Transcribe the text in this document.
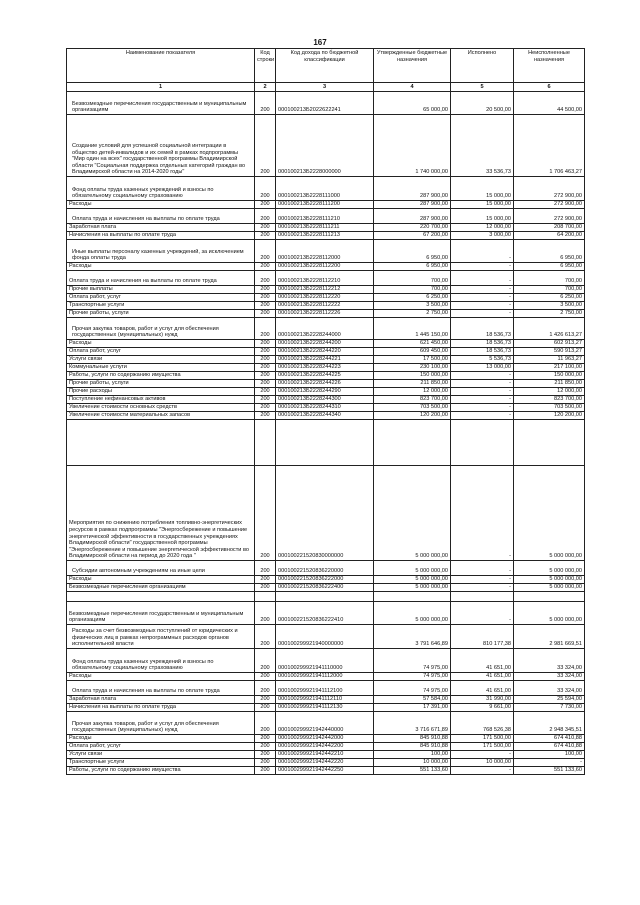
167
Наименование показателя	Код строки	Код дохода по бюджетной классификации	Утвержденные бюджетные назначения	Исполнено	Неисполненные назначения
1	2	3	4	5	6
Безвозмездные перечисления государственным и муниципальным организациям	200	000100213Б2022622241	65 000,00	20 500,00	44 500,00
Создание условий для успешной социальной интеграции в общество детей-инвалидов и их семей в рамках подпрограммы "Мир один на всех" государственной программы Владимирской области "Социальная поддержка отдельных категорий граждан во Владимирской области на 2014-2020 годы"	200	000100213Б2228000000	1 740 000,00	33 536,73	1 706 463,27
Фонд оплаты труда казенных учреждений и взносы по обязательному социальному страхованию	200	000100213Б2228111000	287 900,00	15 000,00	272 900,00
Расходы	200	000100213Б2228111200	287 900,00	15 000,00	272 900,00
Оплата труда и начисления на выплаты по оплате труда	200	000100213Б2228111210	287 900,00	15 000,00	272 900,00
Заработная плата	200	000100213Б2228111211	220 700,00	12 000,00	208 700,00
Начисления на выплаты по оплате труда	200	000100213Б2228111213	67 200,00	3 000,00	64 200,00
Иные выплаты персоналу казенных учреждений, за исключением фонда оплаты труда	200	000100213Б2228112000	6 950,00	-	6 950,00
Расходы	200	000100213Б2228112200	6 950,00	-	6 950,00
Оплата труда и начисления на выплаты по оплате труда	200	000100213Б2228112210	700,00	-	700,00
Прочие выплаты	200	000100213Б2228112212	700,00	-	700,00
Оплата работ, услуг	200	000100213Б2228112220	6 250,00	-	6 250,00
Транспортные услуги	200	000100213Б2228112222	3 500,00	-	3 500,00
Прочие работы, услуги	200	000100213Б2228112226	2 750,00	-	2 750,00
Прочая закупка товаров, работ и услуг для обеспечения государственных (муниципальных) нужд	200	000100213Б2228244000	1 445 150,00	18 536,73	1 426 613,27
Расходы	200	000100213Б2228244200	621 450,00	18 536,73	602 913,27
Оплата работ, услуг	200	000100213Б2228244220	609 450,00	18 536,73	590 913,27
Услуги связи	200	000100213Б2228244221	17 500,00	5 536,73	11 963,27
Коммунальные услуги	200	000100213Б2228244223	230 100,00	13 000,00	217 100,00
Работы, услуги по содержанию имущества	200	000100213Б2228244225	150 000,00	-	150 000,00
Прочие работы, услуги	200	000100213Б2228244226	211 850,00	-	211 850,00
Прочие расходы	200	000100213Б2228244290	12 000,00	-	12 000,00
Поступление нефинансовых активов	200	000100213Б2228244300	823 700,00	-	823 700,00
Увеличение стоимости основных средств	200	000100213Б2228244310	703 500,00	-	703 500,00
Увеличение стоимости материальных запасов	200	000100213Б2228244340	120 200,00	-	120 200,00

Мероприятия по снижению потребления топливно-энергетических ресурсов в рамках подпрограммы "Энергосбережение и повышение энергетической эффективности в государственных учреждениях Владимирской области" государственной программы "Энергосбережение и повышение энергетической эффективности во Владимирской области на период до 2020 года "	200	000100221520830000000	5 000 000,00	-	5 000 000,00
Субсидии автономным учреждениям на иные цели	200	000100221520836220000	5 000 000,00	-	5 000 000,00
Расходы	200	000100221520836222000	5 000 000,00	-	5 000 000,00
Безвозмездные перечисления организациям	200	000100221520836222400	5 000 000,00	-	5 000 000,00

Безвозмездные перечисления государственным и муниципальным организациям	200	000100221520836222410	5 000 000,00	-	5 000 000,00
Расходы за счет безвозмездных поступлений от юридических и физических лиц в рамках непрограммных расходов органов исполнительной власти	200	000100299921940000000	3 791 646,89	810 177,38	2 981 669,51
Фонд оплаты труда казенных учреждений и взносы по обязательному социальному страхованию	200	000100299921941110000	74 975,00	41 651,00	33 324,00
Расходы	200	000100299921941112000	74 975,00	41 651,00	33 324,00
Оплата труда и начисления на выплаты по оплате труда	200	000100299921941112100	74 975,00	41 651,00	33 324,00
Заработная плата	200	000100299921941112110	57 584,00	31 990,00	25 594,00
Начисления на выплаты по оплате труда	200	000100299921941112130	17 391,00	9 661,00	7 730,00
Прочая закупка товаров, работ и услуг для обеспечения государственных (муниципальных) нужд	200	000100299921942440000	3 716 671,89	768 526,38	2 948 345,51
Расходы	200	000100299921942442000	845 910,88	171 500,00	674 410,88
Оплата работ, услуг	200	000100299921942442200	845 910,88	171 500,00	674 410,88
Услуги связи	200	000100299921942442210	100,00	-	100,00
Транспортные услуги	200	000100299921942442220	10 000,00	10 000,00	-
Работы, услуги по содержанию имущества	200	000100299921942442250	551 133,60	-	551 133,60
